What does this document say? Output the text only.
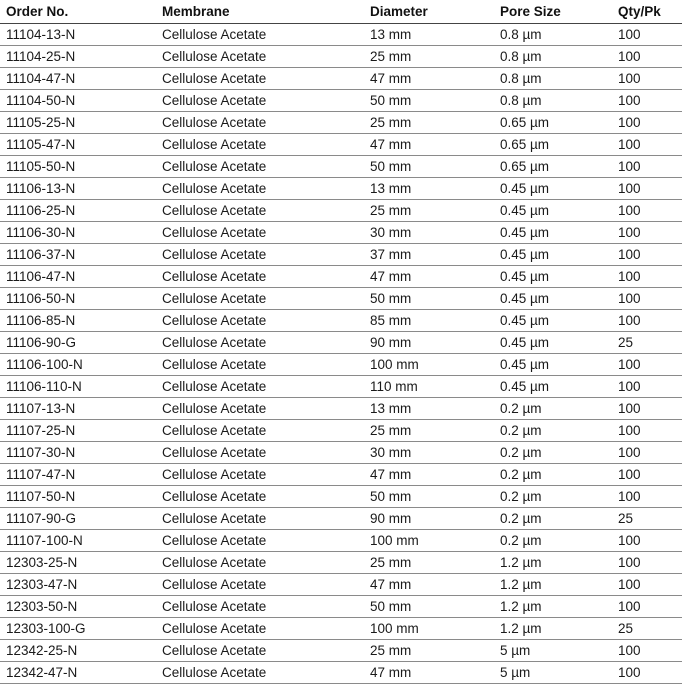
Order No.	Membrane	Diameter	Pore Size	Qty/Pk
11104-13-N	Cellulose Acetate	13 mm	0.8 µm	100
11104-25-N	Cellulose Acetate	25 mm	0.8 µm	100
11104-47-N	Cellulose Acetate	47 mm	0.8 µm	100
11104-50-N	Cellulose Acetate	50 mm	0.8 µm	100
11105-25-N	Cellulose Acetate	25 mm	0.65 µm	100
11105-47-N	Cellulose Acetate	47 mm	0.65 µm	100
11105-50-N	Cellulose Acetate	50 mm	0.65 µm	100
11106-13-N	Cellulose Acetate	13 mm	0.45 µm	100
11106-25-N	Cellulose Acetate	25 mm	0.45 µm	100
11106-30-N	Cellulose Acetate	30 mm	0.45 µm	100
11106-37-N	Cellulose Acetate	37 mm	0.45 µm	100
11106-47-N	Cellulose Acetate	47 mm	0.45 µm	100
11106-50-N	Cellulose Acetate	50 mm	0.45 µm	100
11106-85-N	Cellulose Acetate	85 mm	0.45 µm	100
11106-90-G	Cellulose Acetate	90 mm	0.45 µm	25
11106-100-N	Cellulose Acetate	100 mm	0.45 µm	100
11106-110-N	Cellulose Acetate	110 mm	0.45 µm	100
11107-13-N	Cellulose Acetate	13 mm	0.2 µm	100
11107-25-N	Cellulose Acetate	25 mm	0.2 µm	100
11107-30-N	Cellulose Acetate	30 mm	0.2 µm	100
11107-47-N	Cellulose Acetate	47 mm	0.2 µm	100
11107-50-N	Cellulose Acetate	50 mm	0.2 µm	100
11107-90-G	Cellulose Acetate	90 mm	0.2 µm	25
11107-100-N	Cellulose Acetate	100 mm	0.2 µm	100
12303-25-N	Cellulose Acetate	25 mm	1.2 µm	100
12303-47-N	Cellulose Acetate	47 mm	1.2 µm	100
12303-50-N	Cellulose Acetate	50 mm	1.2 µm	100
12303-100-G	Cellulose Acetate	100 mm	1.2 µm	25
12342-25-N	Cellulose Acetate	25 mm	5 µm	100
12342-47-N	Cellulose Acetate	47 mm	5 µm	100
